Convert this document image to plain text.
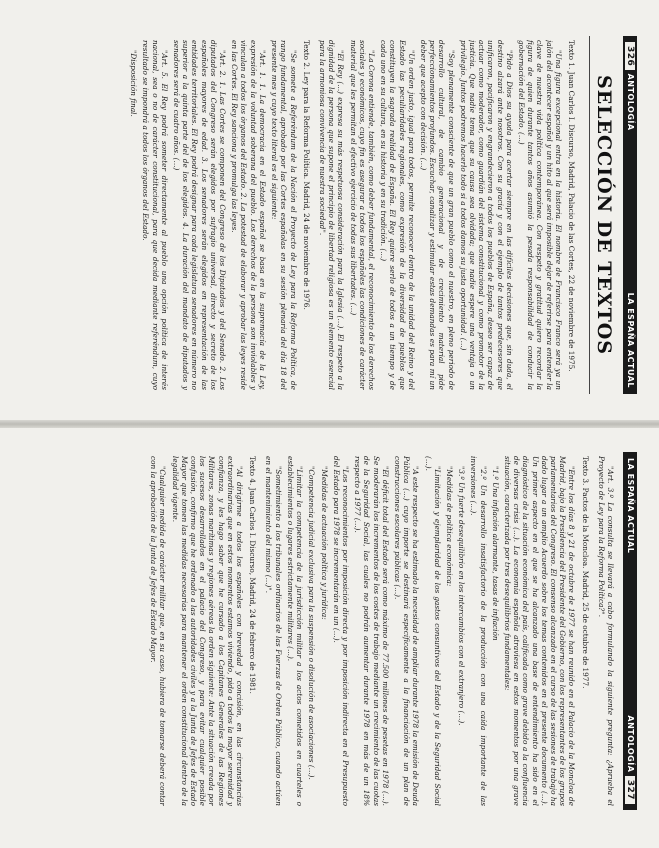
326 ANTOLOGÍA
LA ESPAÑA ACTUAL
SELECCIÓN DE TEXTOS

Texto 1. Juan Carlos I. Discurso, Madrid, Palacio de las Cortes, 22 de noviembre de 1975.

"Una figura excepcional entra en la historia. El nombre de Francisco Franco será ya un jalón del acontecer español y un hito al que será imposible dejar de referirse para entender la clave de nuestra vida política contemporánea. Con respeto y gratitud quiero recordar la figura de quien durante tantos años asumió la pesada responsabilidad de conducir la gobernación del Estado. (...)

"Pido a Dios su ayuda para acertar siempre en las difíciles decisiones que, sin duda, el destino alzará ante nosotros. Con su gracia y con el ejemplo de tantos predecesores que unificaron, pacificaron y engrandecieron a todos los pueblos de España, deseo ser capaz de actuar como moderador, como guardián del sistema constitucional y como promotor de la justicia. Que nadie tema que su causa sea olvidada; que nadie espere una ventaja o un privilegio. Juntos podremos hacerlo todo si a todos damos su justa oportunidad. (...)

"Soy plenamente consciente de que un gran pueblo como el nuestro, en pleno periodo de desarrollo cultural, de cambio generacional y de crecimiento material pide perfeccionamientos profundos. Escuchar, canalizar y estimular estas demandas es para mí un deber que acepto con decisión. (...)

"Un orden justo, igual para todos, permite reconocer dentro de la unidad del Reino y del Estado las peculiaridades regionales, como expresión de la diversidad de pueblos que constituyen la sagrada realidad de España. El Rey quiere serlo de todos a un tiempo y de cada uno en su cultura, en su historia y en su tradición. (...)

"La Corona entiende, también, como deber fundamental, el reconocimiento de los derechos sociales y económicos, cuyo fin es asegurar a todos los españoles las condiciones de carácter material que les permitan el efectivo ejercicio de todas sus libertades. (...)

"El Rey (...) expresa su más respetuosa consideración para la Iglesia (...). El respeto a la dignidad de la persona que supone el principio de libertad religiosa es un elemento esencial para la armoniosa convivencia de nuestra sociedad".

Texto 2. Ley para la Reforma Política. Madrid, 24 de noviembre de 1976.

"Se somete a Referéndum de la Nación el Proyecto de Ley para la Reforma Política, de rango fundamental, aprobado por las Cortes españolas en su sesión plenaria del día 18 del presente mes y cuyo texto literal es el siguiente:

"Art. 1. 1. La democracia en el Estado español se basa en la supremacía de la Ley, expresión de la voluntad soberana del pueblo. Los derechos de la persona son inviolables y vinculan a todos los órganos del Estado. 2. La potestad de elaborar y aprobar las leyes reside en las Cortes. El Rey sanciona y promulga las leyes.

"Art. 2. 1. Las Cortes se componen del Congreso de los Diputados y del Senado. 2. Los diputados del Congreso serán elegidos por sufragio universal, directo y secreto de los españoles mayores de edad. 3. Los senadores serán elegidos en representación de las entidades territoriales. El Rey podrá designar para cada legislatura senadores en número no superior a la quinta parte del de los elegidos. 4. La duración del mandato de diputados y senadores será de cuatro años. (...)

"Art. 5. El Rey podrá someter directamente al pueblo una opción política de interés nacional, sea o no de carácter constitucional, para que decida mediante referéndum, cuyo resultado se impondrá a todos los órganos del Estado.

"Disposición final.

LA ESPAÑA ACTUAL
ANTOLOGÍA 327

"Art. 3.º La consulta se llevará a cabo formulando la siguiente pregunta: ¿Aprueba el Proyecto de Ley para la Reforma Política?".

Texto 3. Pactos de la Moncloa. Madrid, 25 de octubre de 1977.

"Entre los días 8 y 21 de octubre de 1977 se han reunido en el Palacio de la Moncloa de Madrid, bajo la Presidencia del Presidente del Gobierno, con los representantes de los grupos parlamentarios del Congreso. El consenso alcanzado en el curso de las sesiones de trabajo ha dado lugar a un amplio Acuerdo sobre los temas contenidos en el presente documento (...). Un primer aspecto en el que se ha alcanzado una base de entendimiento ha sido en el diagnóstico de la situación económica del país, calificada como grave debido a la confluencia de diversas crisis (...). La economía española atraviesa en estos momentos por una grave situación, caracterizada por tres desequilibrios fundamentales:

"1.º Una inflación alarmante, tasas de inflación

"2.º Un desarrollo insatisfactorio de la producción con una caída importante de las inversiones (...).

"3.º Un fuerte desequilibrio en los intercambios con el extranjero (...).

"Medidas de política económica:

"Limitación y ejemplaridad de los gastos consuntivos del Estado y de la Seguridad Social (...).

"A este respecto se ha estimado la necesidad de ampliar durante 1978 la emisión de Deuda Pública (...) cuyo importe se destinará específicamente a la financiación de un plan de construcciones escolares públicas (...).

"El déficit total del Estado será como máximo de 77.500 millones de pesetas en 1978 (...). Se moderarán los incrementos de los costes de trabajo mediante un crecimiento de las cuotas de la Seguridad Social, las cuales no podrán aumentar durante 1978 en más de un 18% respecto a 1977 (...).

"Los reconocimientos por imposición directa y por imposición indirecta en el Presupuesto del Estado para 1978 se incrementarán en un (...).

"Medidas de actuación política y jurídica:

"Competencia judicial exclusiva para la suspensión o disolución de asociaciones (...).

"Limitar la competencia de la jurisdicción militar a los actos cometidos en cuarteles o establecimientos o lugares estrictamente militares (...).

"Sometimiento a los tribunales ordinarios de las Fuerzas de Orden Público, cuando actúen en el mantenimiento del mismo (...)".

Texto 4. Juan Carlos I. Discurso, Madrid, 24 de febrero de 1981.

"Al dirigirme a todos los españoles con brevedad y concisión, en las circunstancias extraordinarias que en estos momentos estamos viviendo, pido a todos la mayor serenidad y confianza, y les hago saber que he cursado a los Capitanes Generales de las Regiones Militares, zonas marítimas y regiones aéreas la orden siguiente: Ante la situación creada por los sucesos desarrollados en el palacio del Congreso, y para evitar cualquier posible confusión, confirmo que he ordenado a las autoridades civiles y a la Junta de Jefes de Estado Mayor que tomen las medidas necesarias para mantener el orden constitucional dentro de la legalidad vigente.

"Cualquier medida de carácter militar que, en su caso, hubiera de tomarse deberá contar con la aprobación de la Junta de Jefes de Estado Mayor.
